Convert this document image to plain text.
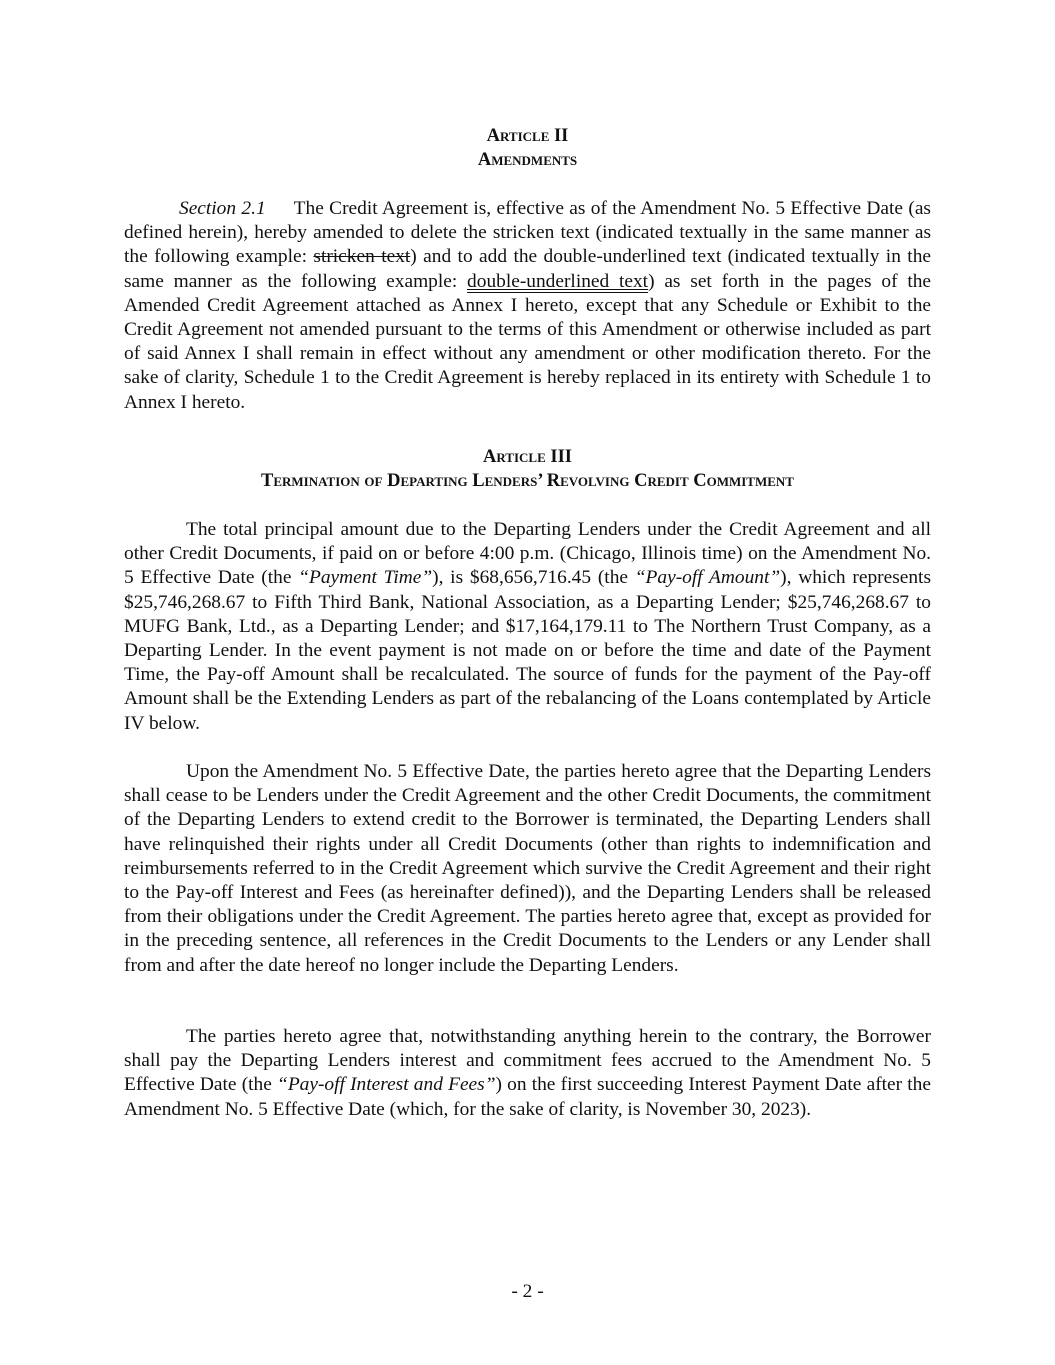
Article II
Amendments

Section 2.1 The Credit Agreement is, effective as of the Amendment No. 5 Effective Date (as defined herein), hereby amended to delete the stricken text (indicated textually in the same manner as the following example: stricken text) and to add the double-underlined text (indicated textually in the same manner as the following example: double-underlined text) as set forth in the pages of the Amended Credit Agreement attached as Annex I hereto, except that any Schedule or Exhibit to the Credit Agreement not amended pursuant to the terms of this Amendment or otherwise included as part of said Annex I shall remain in effect without any amendment or other modification thereto. For the sake of clarity, Schedule 1 to the Credit Agreement is hereby replaced in its entirety with Schedule 1 to Annex I hereto.

Article III
Termination of Departing Lenders’ Revolving Credit Commitment

The total principal amount due to the Departing Lenders under the Credit Agreement and all other Credit Documents, if paid on or before 4:00 p.m. (Chicago, Illinois time) on the Amendment No. 5 Effective Date (the “Payment Time”), is $68,656,716.45 (the “Pay-off Amount”), which represents $25,746,268.67 to Fifth Third Bank, National Association, as a Departing Lender; $25,746,268.67 to MUFG Bank, Ltd., as a Departing Lender; and $17,164,179.11 to The Northern Trust Company, as a Departing Lender. In the event payment is not made on or before the time and date of the Payment Time, the Pay-off Amount shall be recalculated. The source of funds for the payment of the Pay-off Amount shall be the Extending Lenders as part of the rebalancing of the Loans contemplated by Article IV below.

Upon the Amendment No. 5 Effective Date, the parties hereto agree that the Departing Lenders shall cease to be Lenders under the Credit Agreement and the other Credit Documents, the commitment of the Departing Lenders to extend credit to the Borrower is terminated, the Departing Lenders shall have relinquished their rights under all Credit Documents (other than rights to indemnification and reimbursements referred to in the Credit Agreement which survive the Credit Agreement and their right to the Pay-off Interest and Fees (as hereinafter defined)), and the Departing Lenders shall be released from their obligations under the Credit Agreement. The parties hereto agree that, except as provided for in the preceding sentence, all references in the Credit Documents to the Lenders or any Lender shall from and after the date hereof no longer include the Departing Lenders.

The parties hereto agree that, notwithstanding anything herein to the contrary, the Borrower shall pay the Departing Lenders interest and commitment fees accrued to the Amendment No. 5 Effective Date (the “Pay-off Interest and Fees”) on the first succeeding Interest Payment Date after the Amendment No. 5 Effective Date (which, for the sake of clarity, is November 30, 2023).

- 2 -
